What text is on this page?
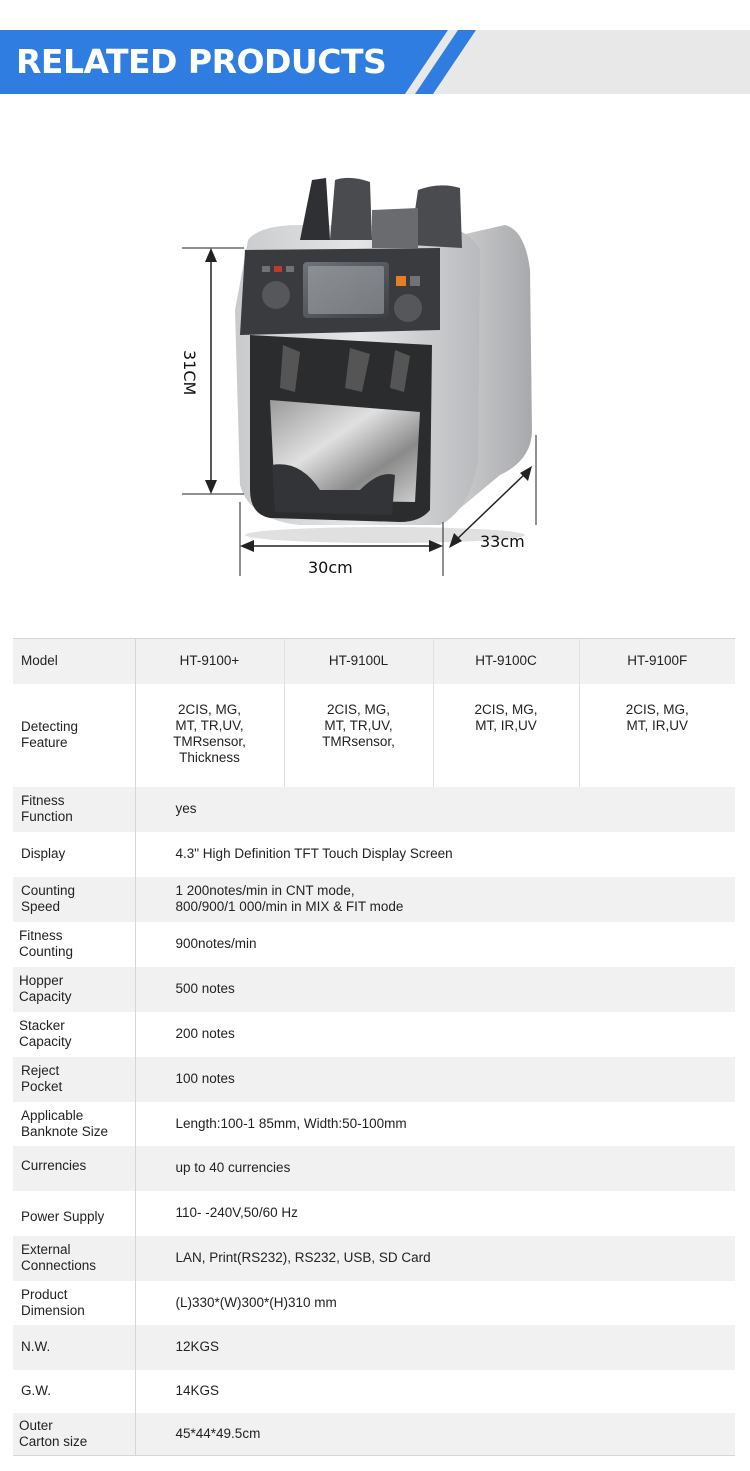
RELATED PRODUCTS
31CM
30cm
33cm
Model	HT-9100+	HT-9100L	HT-9100C	HT-9100F

Detecting
Feature	2CIS, MG,
MT, TR,UV,
TMRsensor,
Thickness	2CIS, MG,
MT, TR,UV,
TMRsensor,	2CIS, MG,
MT, IR,UV	2CIS, MG,
MT, IR,UV

Fitness
Function	yes			

Display	4.3" High Definition TFT Touch Display Screen			

Counting
Speed	1 200notes/min in CNT mode,
800/900/1 000/min in MIX & FIT mode			

Fitness
Counting	900notes/min			

Hopper
Capacity	500 notes			

Stacker
Capacity	200 notes			

Reject
Pocket	100 notes			

Applicable
Banknote Size	Length:100-1 85mm, Width:50-100mm			

Currencies	up to 40 currencies			

Power Supply	110- -240V,50/60 Hz			

External
Connections	LAN, Print(RS232), RS232, USB, SD Card			

Product
Dimension	(L)330*(W)300*(H)310 mm			

N.W.	12KGS			

G.W.	14KGS			

Outer
Carton size	45*44*49.5cm			
